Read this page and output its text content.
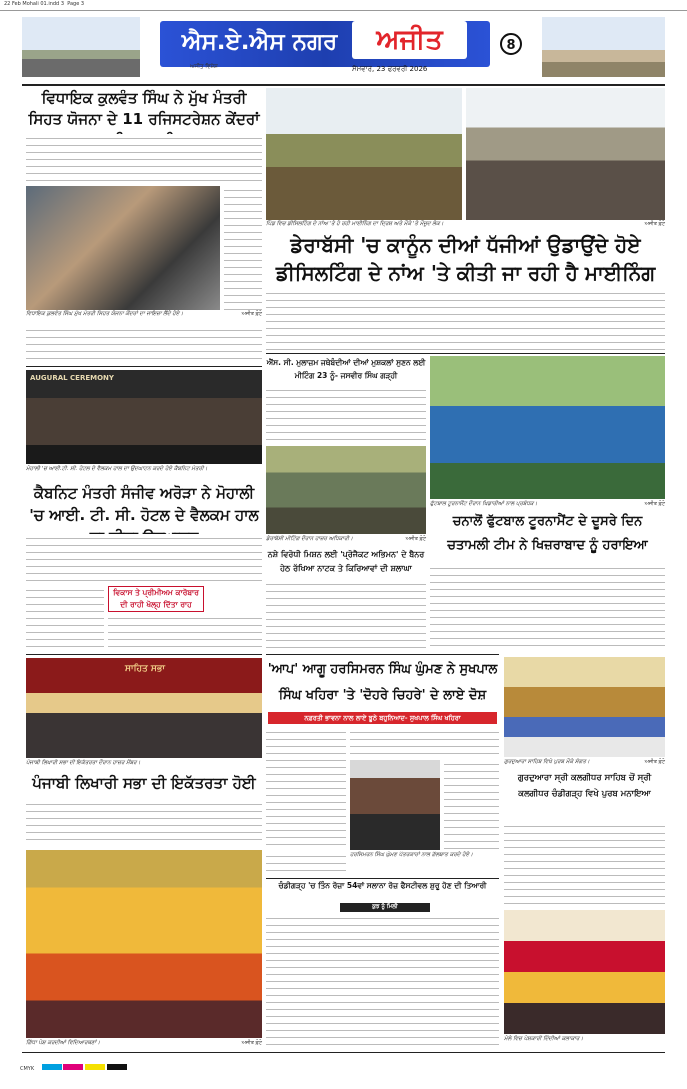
22 Feb Mohali 01.indd 3 Page 3
ਐਸ.ਏ.ਐਸ ਨਗਰ	ਅਜੀਤ	8
ਅਜੀਤ ਵਿਸ਼ੇਸ਼	ਸੋਮਵਾਰ, 23 ਫਰਵਰੀ 2026
ਵਿਧਾਇਕ ਕੁਲਵੰਤ ਸਿੰਘ ਨੇ ਮੁੱਖ ਮੰਤਰੀ ਸਿਹਤ ਯੋਜਨਾ ਦੇ 11 ਰਜਿਸਟਰੇਸ਼ਨ ਕੇਂਦਰਾਂ
ਵਿਧਾਇਕ ਕੁਲਵੰਤ ਸਿੰਘ ਮੁੱਖ ਮੰਤਰੀ ਸਿਹਤ ਯੋਜਨਾ ਕੇਂਦਰਾਂ ਦਾ ਜਾਇਜ਼ਾ ਲੈਂਦੇ ਹੋਏ।	ਅਜੀਤ ਫ਼ੋਟੋ
ਪਿੰਡ ਵਿਚ ਡੀਸਿਲਟਿੰਗ ਦੇ ਨਾਂਅ 'ਤੇ ਹੋ ਰਹੀ ਮਾਈਨਿੰਗ ਦਾ ਦ੍ਰਿਸ਼ ਅਤੇ ਮੌਕੇ 'ਤੇ ਮੌਜੂਦ ਲੋਕ।	ਅਜੀਤ ਫ਼ੋਟੋ
ਡੇਰਾਬੱਸੀ 'ਚ ਕਾਨੂੰਨ ਦੀਆਂ ਧੱਜੀਆਂ ਉਡਾਉਂਦੇ ਹੋਏ
ਡੀਸਿਲਟਿੰਗ ਦੇ ਨਾਂਅ 'ਤੇ ਕੀਤੀ ਜਾ ਰਹੀ ਹੈ ਮਾਈਨਿੰਗ
AUGURAL CEREMONY
ਮੋਹਾਲੀ 'ਚ ਆਈ.ਟੀ. ਸੀ. ਹੋਟਲ ਦੇ ਵੈਲਕਮ ਹਾਲ ਦਾ ਉਦਘਾਟਨ ਕਰਦੇ ਹੋਏ ਕੈਬਨਿਟ ਮੰਤਰੀ।
ਕੈਬਨਿਟ ਮੰਤਰੀ ਸੰਜੀਵ ਅਰੋੜਾ ਨੇ ਮੋਹਾਲੀ 'ਚ ਆਈ. ਟੀ. ਸੀ. ਹੋਟਲ ਦੇ ਵੈਲਕਮ ਹਾਲ
ਵਿਕਾਸ ਤੇ ਪ੍ਰੀਮੀਅਮ ਕਾਰੋਬਾਰ ਦੀ ਰਾਹੀ ਖੋਲ੍ਹ ਦਿੱਤਾ ਰਾਹ
ਐੱਸ. ਸੀ. ਮੁਲਾਜ਼ਮ ਜਥੇਬੰਦੀਆਂ ਦੀਆਂ ਮੁਸ਼ਕਲਾਂ ਸੁਣਨ ਲਈ ਮੀਟਿੰਗ 23 ਨੂੰ- ਜਸਵੀਰ ਸਿੰਘ ਗੜ੍ਹੀ
ਡੇਰਾਬੱਸੀ ਮੀਟਿੰਗ ਦੌਰਾਨ ਹਾਜ਼ਰ ਅਧਿਕਾਰੀ।	ਅਜੀਤ ਫ਼ੋਟੋ
ਫੁੱਟਬਾਲ ਟੂਰਨਾਮੈਂਟ ਦੌਰਾਨ ਖਿਡਾਰੀਆਂ ਨਾਲ ਪ੍ਰਬੰਧਕ।	ਅਜੀਤ ਫ਼ੋਟੋ
ਚਨਾਲੋਂ ਫੁੱਟਬਾਲ ਟੂਰਨਾਮੈਂਟ ਦੇ ਦੂਸਰੇ ਦਿਨ ਚਤਾਮਲੀ ਟੀਮ ਨੇ ਖਿਜ਼ਰਾਬਾਦ ਨੂੰ ਹਰਾਇਆ
ਨਸ਼ੇ ਵਿਰੋਧੀ ਮਿਸ਼ਨ ਲਈ 'ਪ੍ਰੋਜੈਕਟ ਅਭਿਮਨ' ਦੇ ਬੈਨਰ ਹੇਠ ਰੱਖਿਆ ਨਾਟਕ ਤੇ ਕਿਰਿਆਵਾਂ ਦੀ ਸ਼ਲਾਘਾ
ਸਾਹਿਤ ਸਭਾ
ਪੰਜਾਬੀ ਲਿਖਾਰੀ ਸਭਾ ਦੀ ਇਕੱਤਰਤਾ ਦੌਰਾਨ ਹਾਜ਼ਰ ਮੈਂਬਰ।
ਪੰਜਾਬੀ ਲਿਖਾਰੀ ਸਭਾ ਦੀ ਇਕੱਤਰਤਾ ਹੋਈ
'ਆਪ' ਆਗੂ ਹਰਸਿਮਰਨ ਸਿੰਘ ਘੁੰਮਣ ਨੇ ਸੁਖਪਾਲ ਸਿੰਘ ਖਹਿਰਾ 'ਤੇ 'ਦੋਹਰੇ ਚਿਹਰੇ' ਦੇ ਲਾਏ ਦੋਸ਼
ਨਫ਼ਰਤੀ ਭਾਵਨਾ ਨਾਲ ਲਾਏ ਝੂਠੇ ਬਹੁਨਿਆਦ- ਸੁਖਪਾਲ ਸਿੰਘ ਖਹਿਰਾ
ਹਰਸਿਮਰਨ ਸਿੰਘ ਘੁੰਮਣ ਪੱਤਰਕਾਰਾਂ ਨਾਲ ਗੱਲਬਾਤ ਕਰਦੇ ਹੋਏ।
ਗੁਰਦੁਆਰਾ ਸਾਹਿਬ ਵਿਖੇ ਪੁਰਬ ਮੌਕੇ ਸੰਗਤ।	ਅਜੀਤ ਫ਼ੋਟੋ
ਗੁਰਦੁਆਰਾ ਸ੍ਰੀ ਕਲਗੀਧਰ ਸਾਹਿਬ ਚੋਂ ਸ੍ਰੀ ਕਲਗੀਧਰ ਚੰਡੀਗੜ੍ਹ ਵਿਖੇ ਪੁਰਬ ਮਨਾਇਆ
ਗਿੱਧਾ ਪੇਸ਼ ਕਰਦੀਆਂ ਵਿਦਿਆਰਥਣਾਂ।	ਅਜੀਤ ਫ਼ੋਟੋ
ਚੰਡੀਗੜ੍ਹ 'ਚ ਤਿੰਨ ਰੋਜ਼ਾ 54ਵਾਂ ਸਲਾਨਾ ਰੋਜ਼ ਫੈਸਟੀਵਲ ਸ਼ੁਰੂ ਹੋਣ ਦੀ ਤਿਆਰੀ
ਕੁਝ ਨੂੰ ਮਿਲੀ
ਮੇਲੇ ਵਿਚ ਪੇਸ਼ਕਾਰੀ ਦਿੰਦੀਆਂ ਕਲਾਕਾਰ।
CMYK
